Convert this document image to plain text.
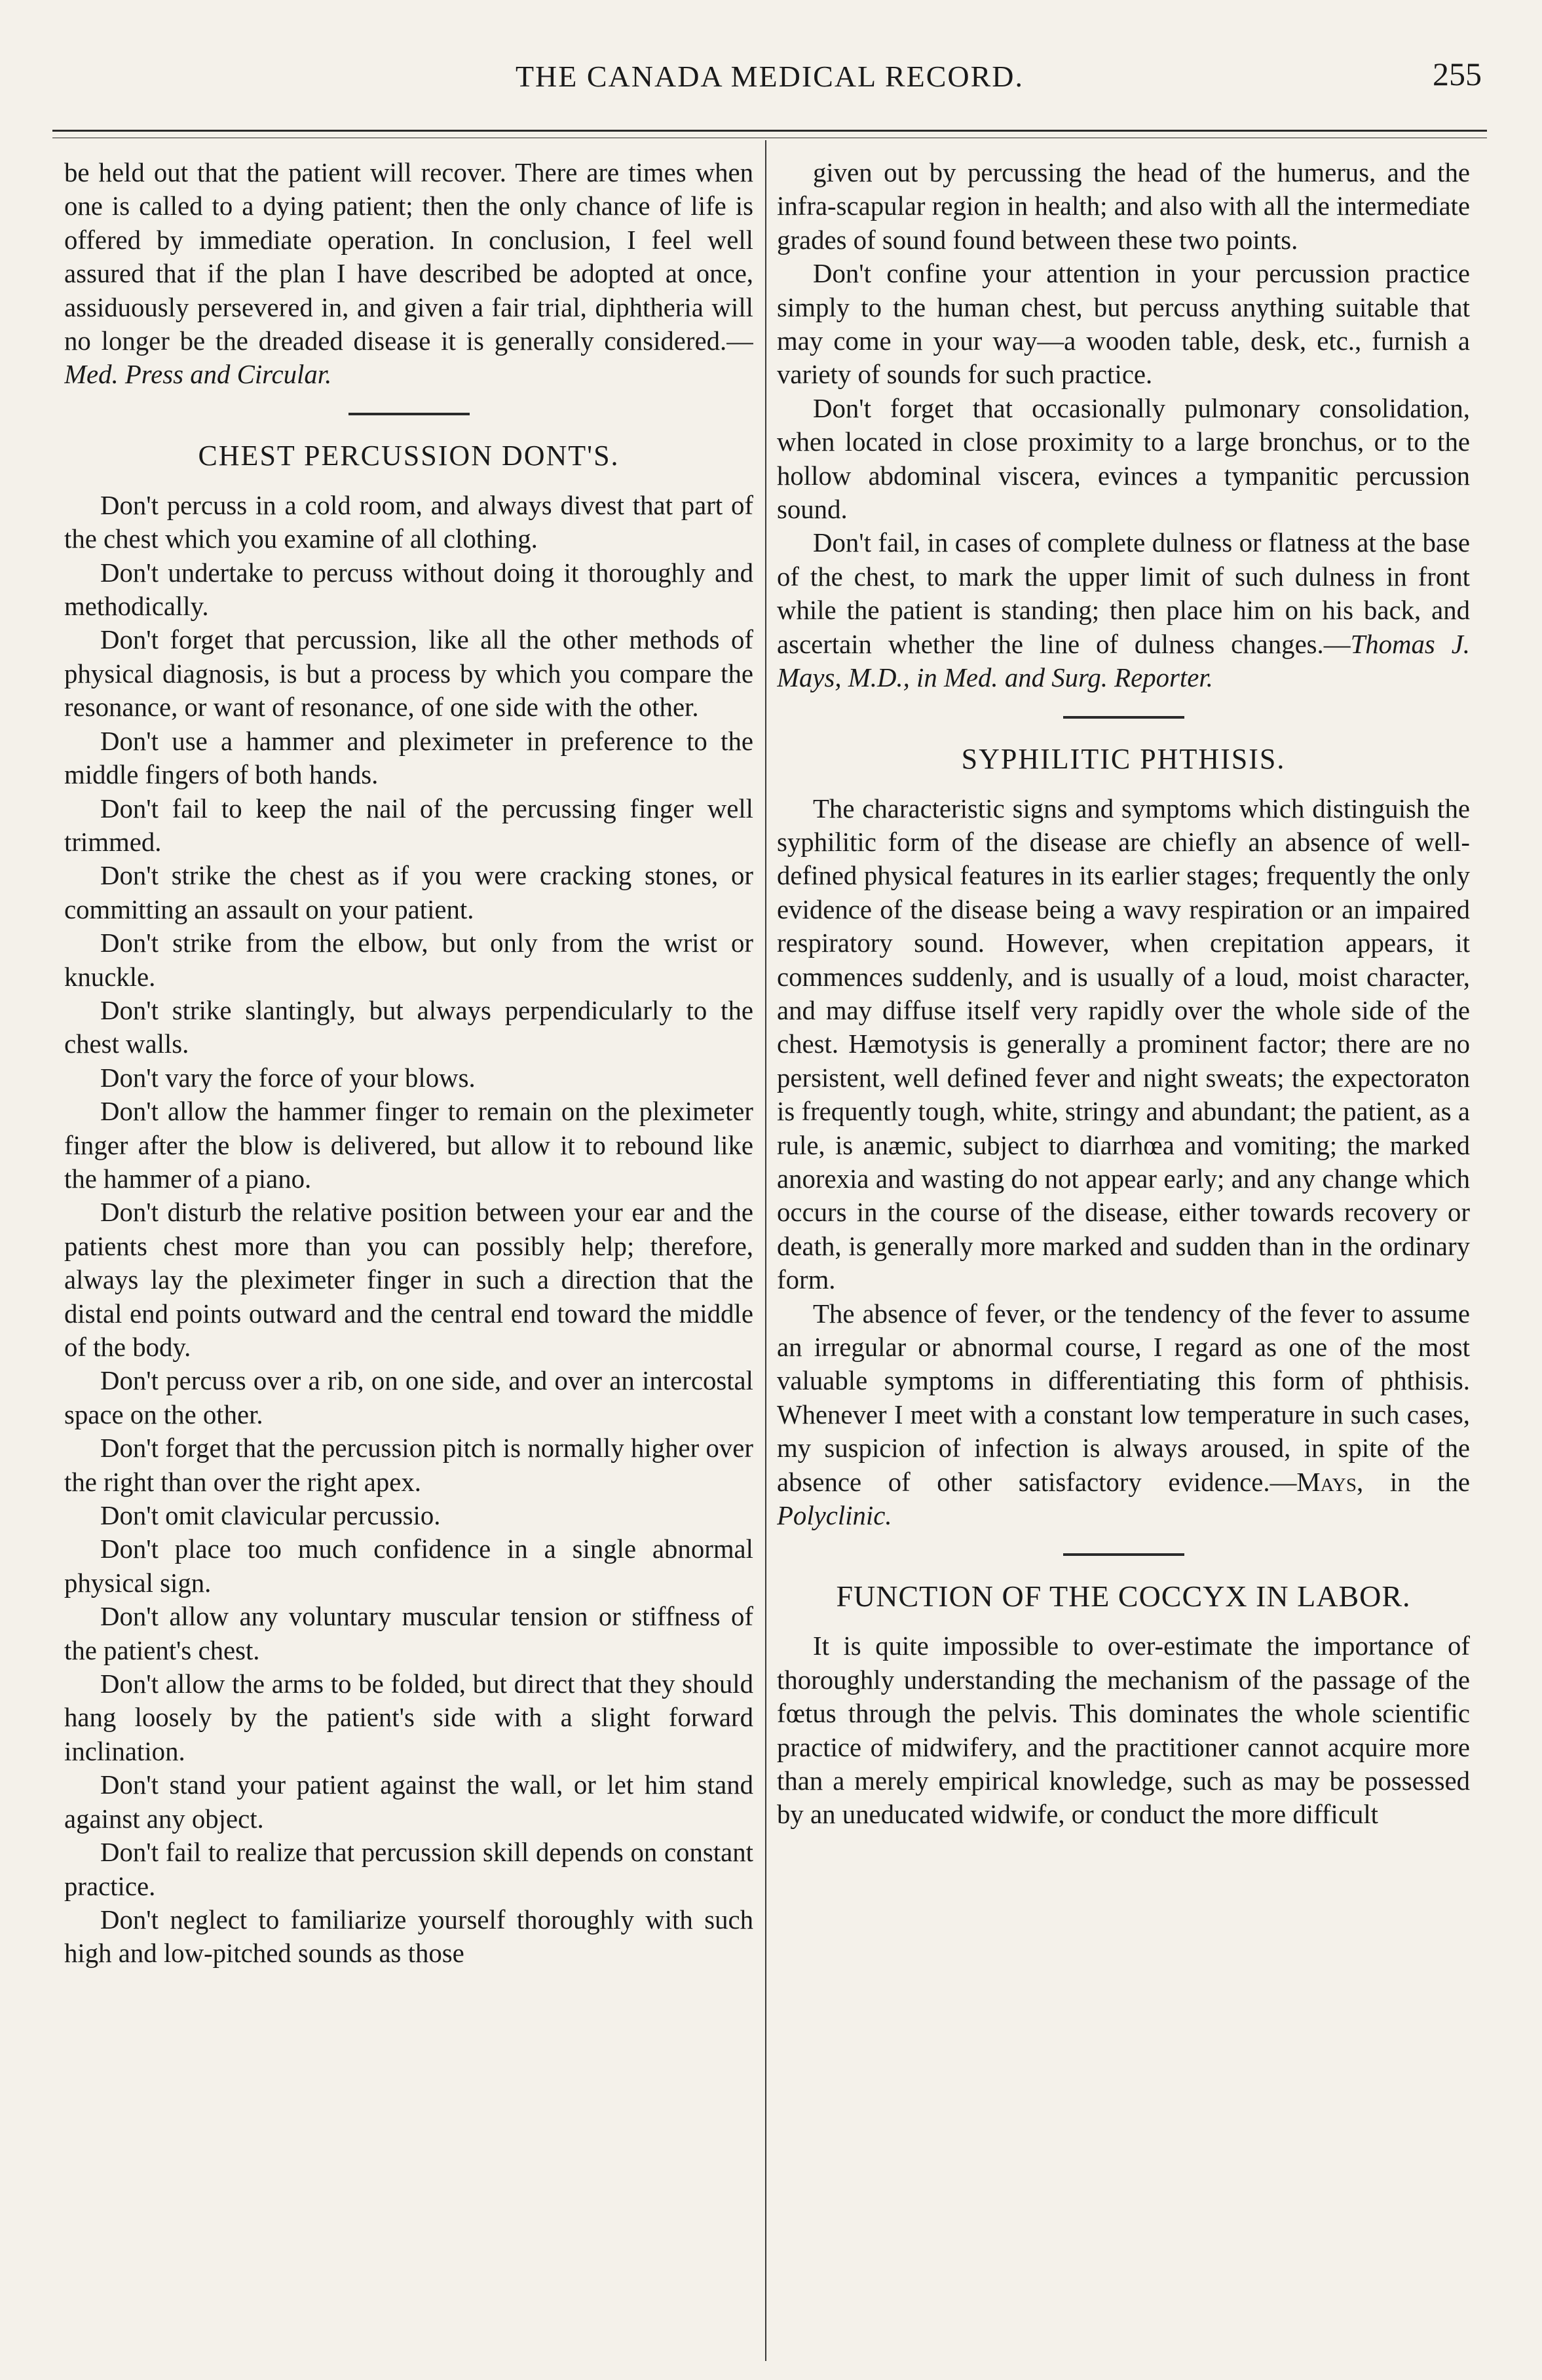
THE CANADA MEDICAL RECORD.	255

be held out that the patient will recover. There are times when one is called to a dying patient; then the only chance of life is offered by immediate operation. In conclusion, I feel well assured that if the plan I have described be adopted at once, assiduously persevered in, and given a fair trial, diphtheria will no longer be the dreaded disease it is generally considered.—Med. Press and Circular.

CHEST PERCUSSION DONT'S.

Don't percuss in a cold room, and always divest that part of the chest which you examine of all clothing.

Don't undertake to percuss without doing it thoroughly and methodically.

Don't forget that percussion, like all the other methods of physical diagnosis, is but a process by which you compare the resonance, or want of resonance, of one side with the other.

Don't use a hammer and pleximeter in preference to the middle fingers of both hands.

Don't fail to keep the nail of the percussing finger well trimmed.

Don't strike the chest as if you were cracking stones, or committing an assault on your patient.

Don't strike from the elbow, but only from the wrist or knuckle.

Don't strike slantingly, but always perpendicularly to the chest walls.

Don't vary the force of your blows.

Don't allow the hammer finger to remain on the pleximeter finger after the blow is delivered, but allow it to rebound like the hammer of a piano.

Don't disturb the relative position between your ear and the patients chest more than you can possibly help; therefore, always lay the pleximeter finger in such a direction that the distal end points outward and the central end toward the middle of the body.

Don't percuss over a rib, on one side, and over an intercostal space on the other.

Don't forget that the percussion pitch is normally higher over the right than over the right apex.

Don't omit clavicular percussio.

Don't place too much confidence in a single abnormal physical sign.

Don't allow any voluntary muscular tension or stiffness of the patient's chest.

Don't allow the arms to be folded, but direct that they should hang loosely by the patient's side with a slight forward inclination.

Don't stand your patient against the wall, or let him stand against any object.

Don't fail to realize that percussion skill depends on constant practice.

Don't neglect to familiarize yourself thoroughly with such high and low-pitched sounds as those

given out by percussing the head of the humerus, and the infra-scapular region in health; and also with all the intermediate grades of sound found between these two points.

Don't confine your attention in your percussion practice simply to the human chest, but percuss anything suitable that may come in your way—a wooden table, desk, etc., furnish a variety of sounds for such practice.

Don't forget that occasionally pulmonary consolidation, when located in close proximity to a large bronchus, or to the hollow abdominal viscera, evinces a tympanitic percussion sound.

Don't fail, in cases of complete dulness or flatness at the base of the chest, to mark the upper limit of such dulness in front while the patient is standing; then place him on his back, and ascertain whether the line of dulness changes.—Thomas J. Mays, M.D., in Med. and Surg. Reporter.

SYPHILITIC PHTHISIS.

The characteristic signs and symptoms which distinguish the syphilitic form of the disease are chiefly an absence of well-defined physical features in its earlier stages; frequently the only evidence of the disease being a wavy respiration or an impaired respiratory sound. However, when crepitation appears, it commences suddenly, and is usually of a loud, moist character, and may diffuse itself very rapidly over the whole side of the chest. Hæmotysis is generally a prominent factor; there are no persistent, well defined fever and night sweats; the expectoraton is frequently tough, white, stringy and abundant; the patient, as a rule, is anæmic, subject to diarrhœa and vomiting; the marked anorexia and wasting do not appear early; and any change which occurs in the course of the disease, either towards recovery or death, is generally more marked and sudden than in the ordinary form.

The absence of fever, or the tendency of the fever to assume an irregular or abnormal course, I regard as one of the most valuable symptoms in differentiating this form of phthisis. Whenever I meet with a constant low temperature in such cases, my suspicion of infection is always aroused, in spite of the absence of other satisfactory evidence.—Mays, in the Polyclinic.

FUNCTION OF THE COCCYX IN LABOR.

It is quite impossible to over-estimate the importance of thoroughly understanding the mechanism of the passage of the fœtus through the pelvis. This dominates the whole scientific practice of midwifery, and the practitioner cannot acquire more than a merely empirical knowledge, such as may be possessed by an uneducated widwife, or conduct the more difficult
